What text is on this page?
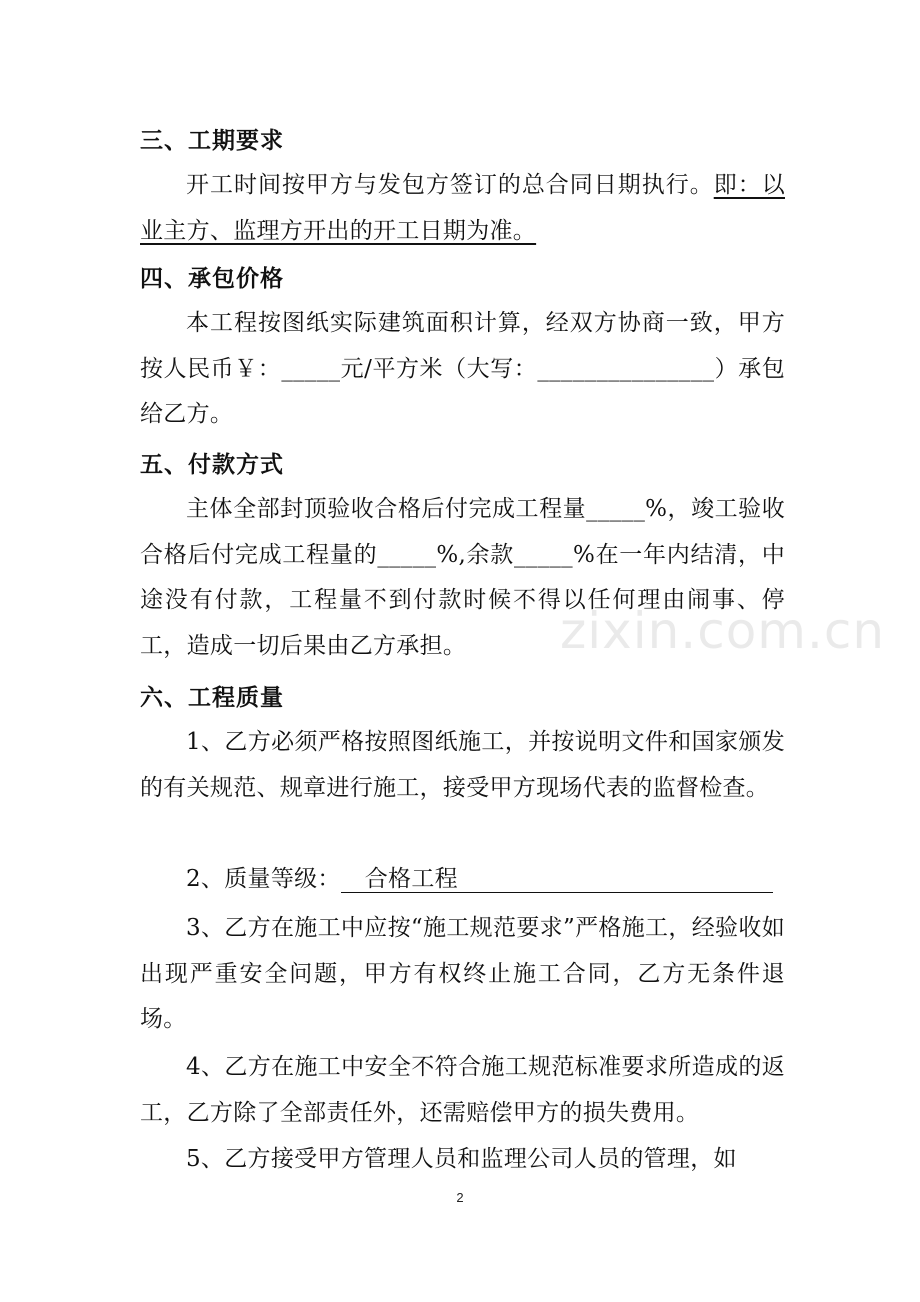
三、工期要求

开工时间按甲方与发包方签订的总合同日期执行。即：以业主方、监理方开出的开工日期为准。

四、承包价格

本工程按图纸实际建筑面积计算，经双方协商一致，甲方按人民币￥：_____元/平方米（大写：_______________）承包给乙方。

五、付款方式

主体全部封顶验收合格后付完成工程量_____%，竣工验收合格后付完成工程量的_____%,余款_____%在一年内结清，中途没有付款，工程量不到付款时候不得以任何理由闹事、停工，造成一切后果由乙方承担。

六、工程质量

1、乙方必须严格按照图纸施工，并按说明文件和国家颁发的有关规范、规章进行施工，接受甲方现场代表的监督检查。

2、质量等级： 合格工程

3、乙方在施工中应按“施工规范要求”严格施工，经验收如出现严重安全问题，甲方有权终止施工合同，乙方无条件退场。

4、乙方在施工中安全不符合施工规范标准要求所造成的返工，乙方除了全部责任外，还需赔偿甲方的损失费用。

5、乙方接受甲方管理人员和监理公司人员的管理，如

zixin.com.cn
2
